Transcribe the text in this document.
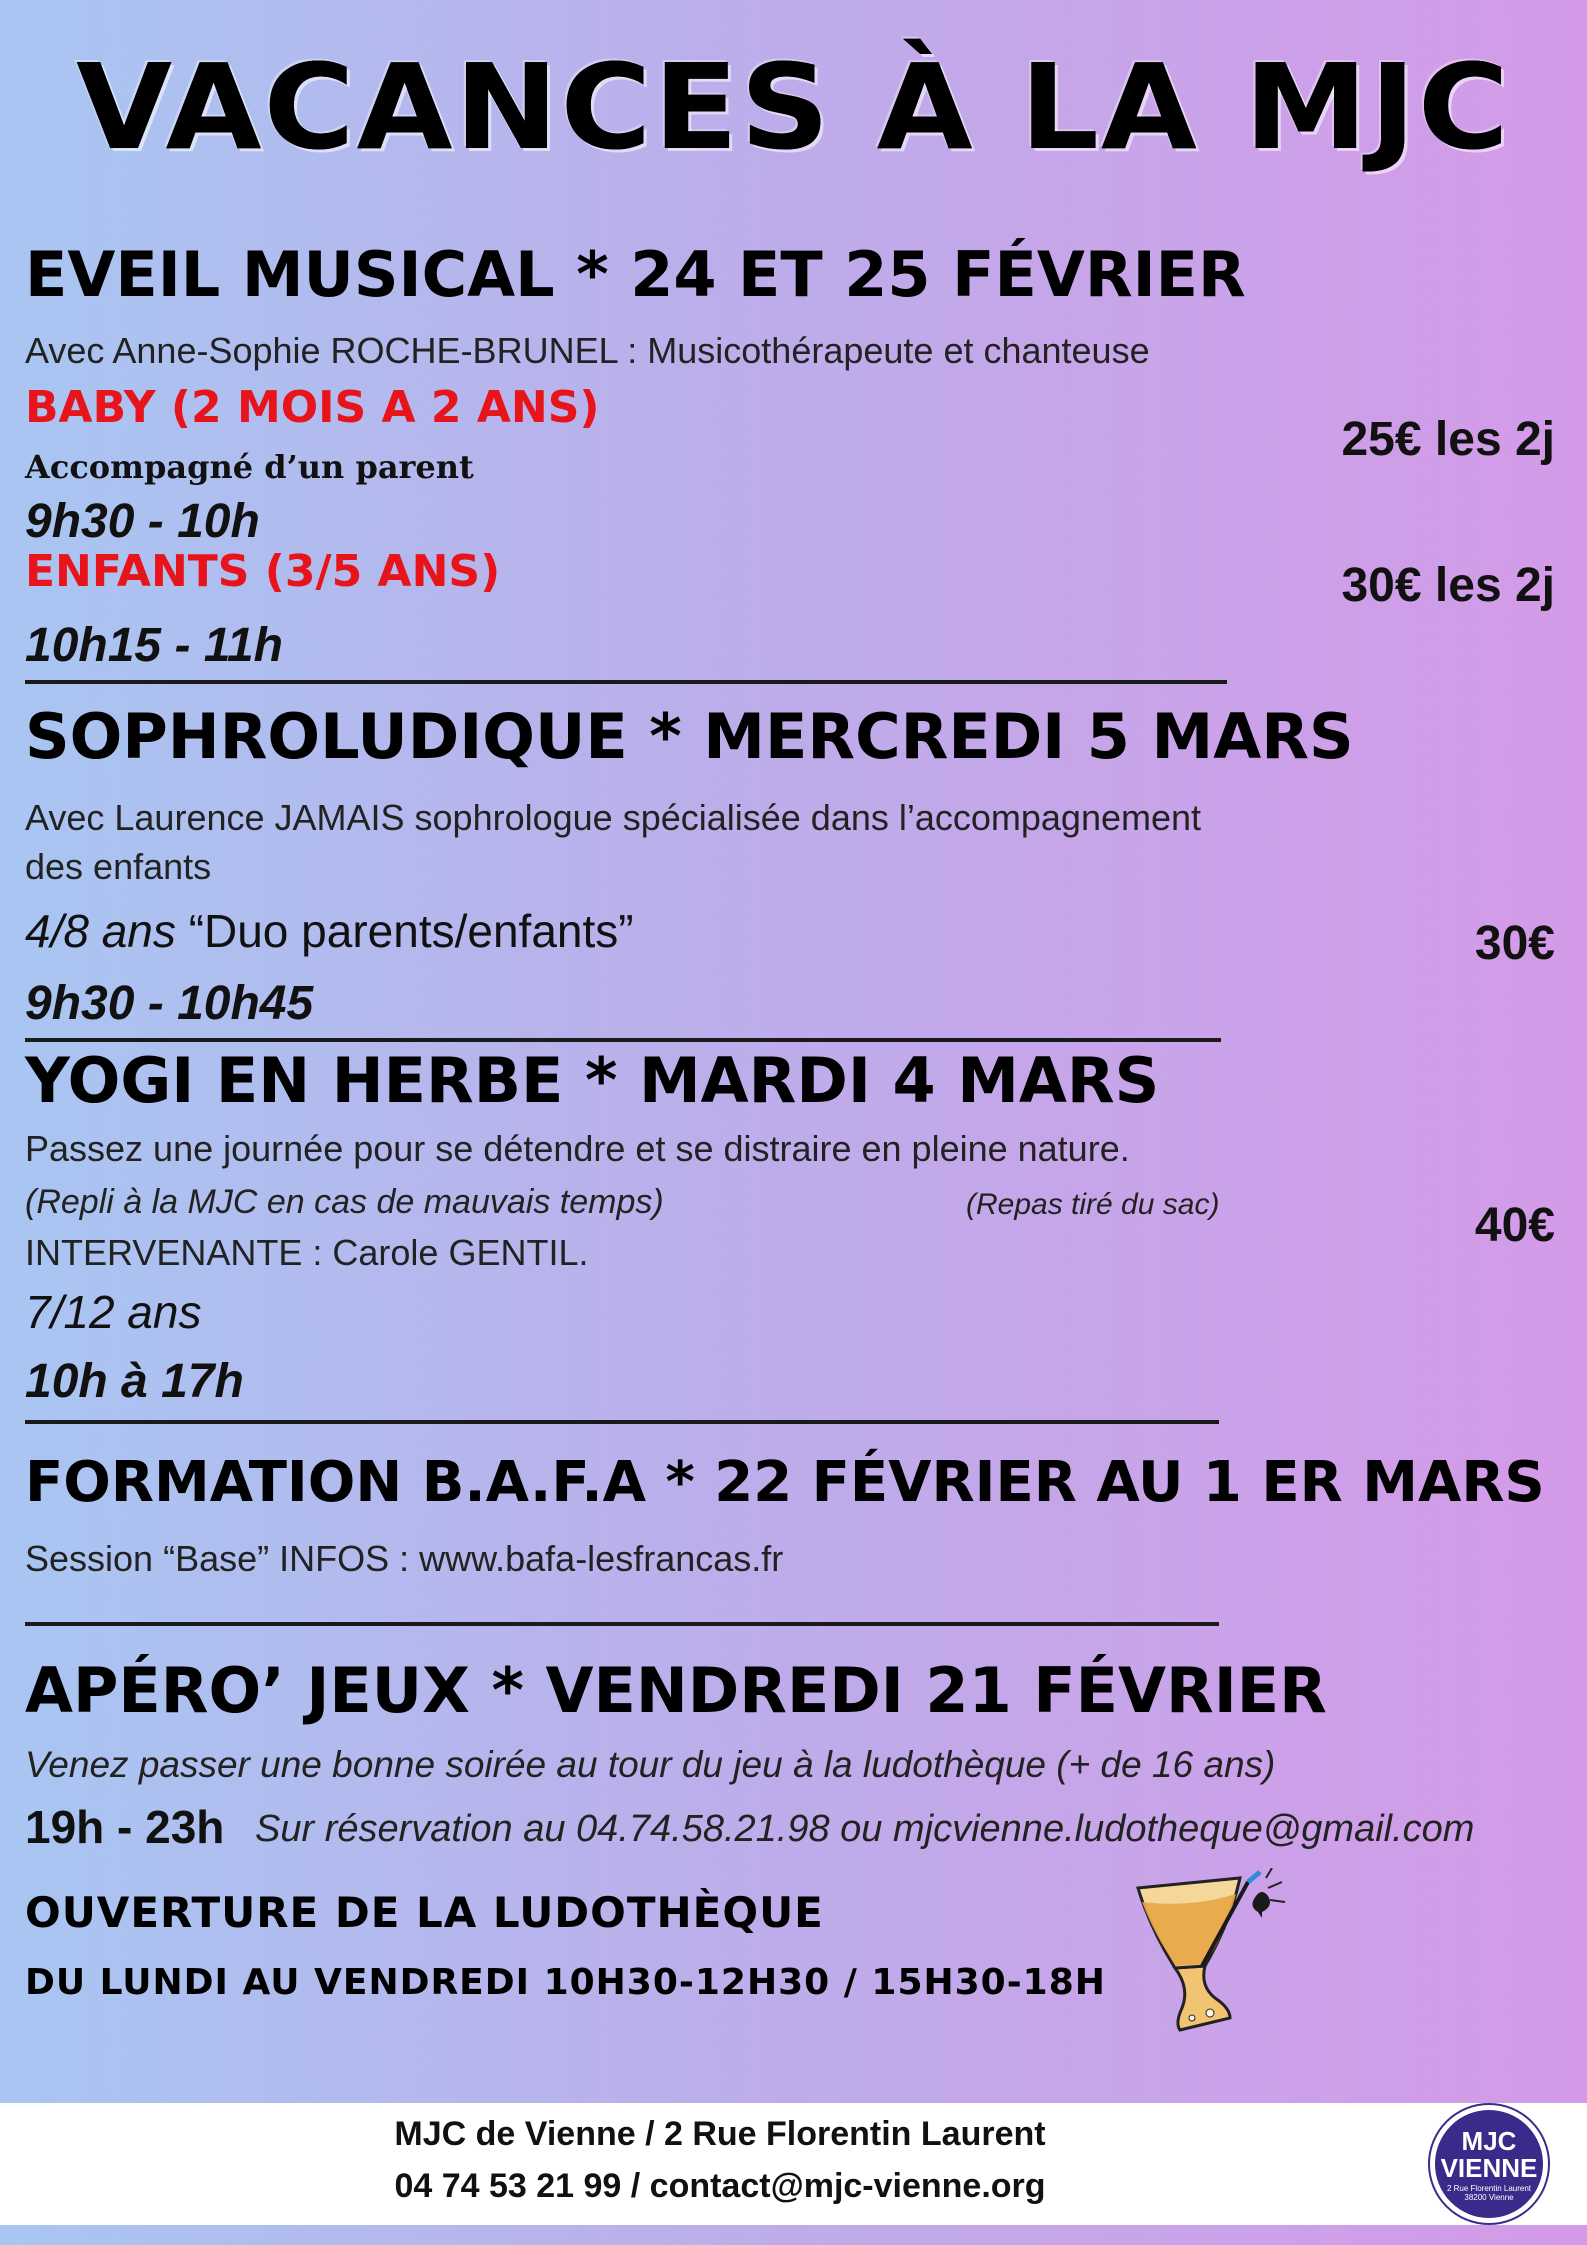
VACANCES À LA MJC
EVEIL MUSICAL * 24 ET 25 FÉVRIER
Avec Anne-Sophie ROCHE-BRUNEL : Musicothérapeute et chanteuse
BABY (2 MOIS A 2 ANS)
Accompagné d’un parent
9h30 - 10h
25€ les 2j
ENFANTS (3/5 ANS)
10h15 - 11h
30€ les 2j
SOPHROLUDIQUE * MERCREDI 5 MARS
Avec Laurence JAMAIS sophrologue spécialisée dans l’accompagnement
des enfants
4/8 ans “Duo parents/enfants”
9h30 - 10h45
30€
YOGI EN HERBE * MARDI 4 MARS
Passez une journée pour se détendre et se distraire en pleine nature.
(Repli à la MJC en cas de mauvais temps)	(Repas tiré du sac)
INTERVENANTE : Carole GENTIL.
7/12 ans
10h à 17h
40€
FORMATION B.A.F.A * 22 FÉVRIER AU 1 ER MARS
Session “Base” INFOS : www.bafa-lesfrancas.fr
APÉRO’ JEUX * VENDREDI 21 FÉVRIER
Venez passer une bonne soirée au tour du jeu à la ludothèque (+ de 16 ans)
19h - 23h Sur réservation au 04.74.58.21.98 ou mjcvienne.ludotheque@gmail.com
OUVERTURE DE LA LUDOTHÈQUE
DU LUNDI AU VENDREDI 10H30-12H30 / 15H30-18H
MJC de Vienne / 2 Rue Florentin Laurent
04 74 53 21 99 / contact@mjc-vienne.org
MJC
VIENNE
2 Rue Florentin Laurent 38200 Vienne
